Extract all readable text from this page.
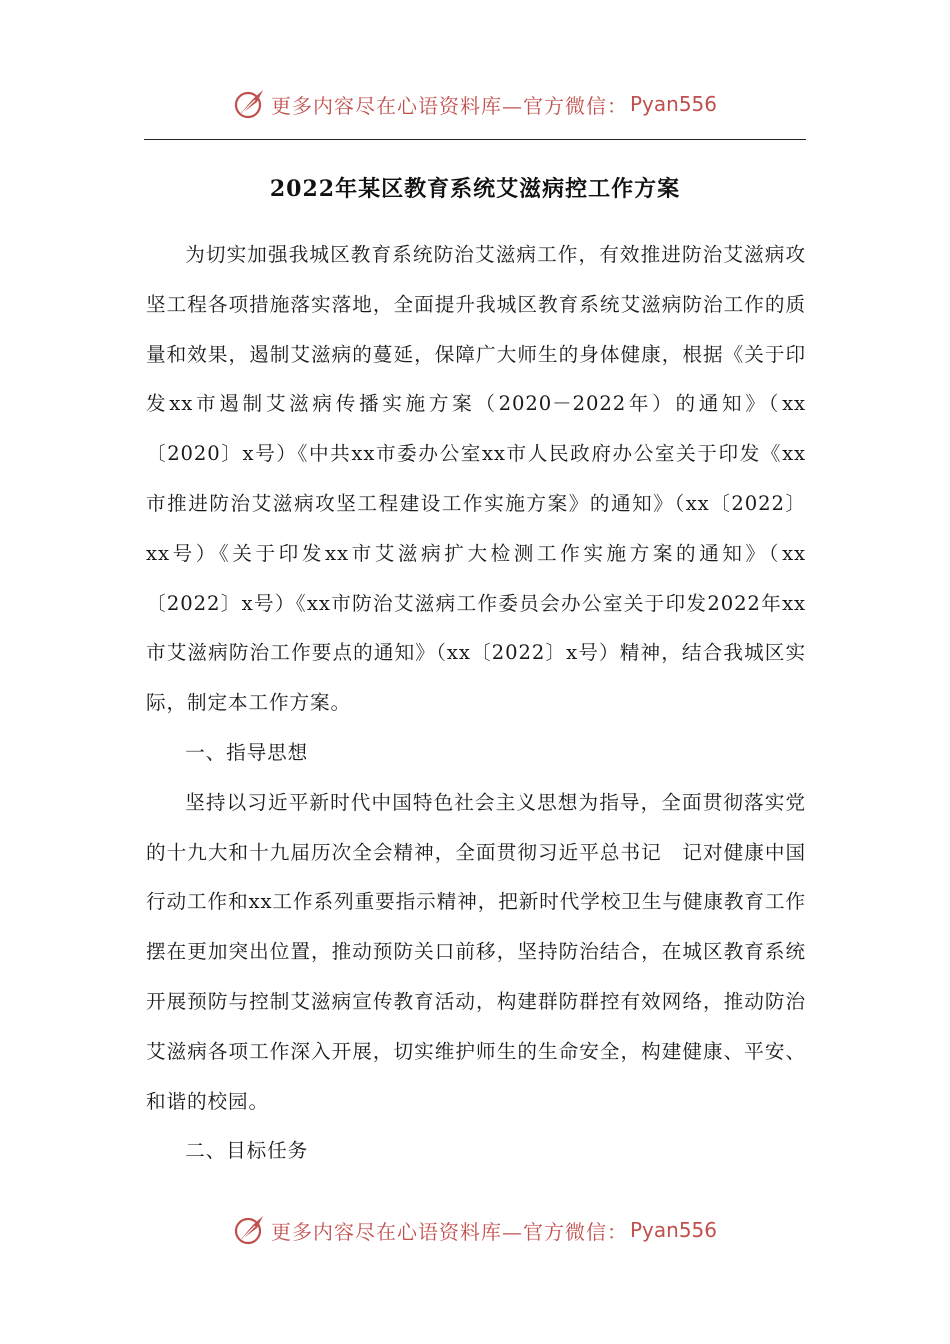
更多内容尽在心语资料库—官方微信： Pyan556
2022年某区教育系统艾滋病控工作方案

为切实加强我城区教育系统防治艾滋病工作，有效推进防治艾滋病攻坚工程各项措施落实落地，全面提升我城区教育系统艾滋病防治工作的质量和效果，遏制艾滋病的蔓延，保障广大师生的身体健康，根据《关于印发xx市遏制艾滋病传播实施方案（2020－2022年）的通知》（xx〔2020〕x号）《中共xx市委办公室xx市人民政府办公室关于印发《xx市推进防治艾滋病攻坚工程建设工作实施方案》的通知》（xx〔2022〕xx号）《关于印发xx市艾滋病扩大检测工作实施方案的通知》（xx〔2022〕x号）《xx市防治艾滋病工作委员会办公室关于印发2022年xx市艾滋病防治工作要点的通知》（xx〔2022〕x号）精神，结合我城区实际，制定本工作方案。

一、指导思想

坚持以习近平新时代中国特色社会主义思想为指导，全面贯彻落实党的十九大和十九届历次全会精神，全面贯彻习近平总书记　记对健康中国行动工作和xx工作系列重要指示精神，把新时代学校卫生与健康教育工作摆在更加突出位置，推动预防关口前移，坚持防治结合，在城区教育系统开展预防与控制艾滋病宣传教育活动，构建群防群控有效网络，推动防治艾滋病各项工作深入开展，切实维护师生的生命安全，构建健康、平安、和谐的校园。

二、目标任务

更多内容尽在心语资料库—官方微信： Pyan556
